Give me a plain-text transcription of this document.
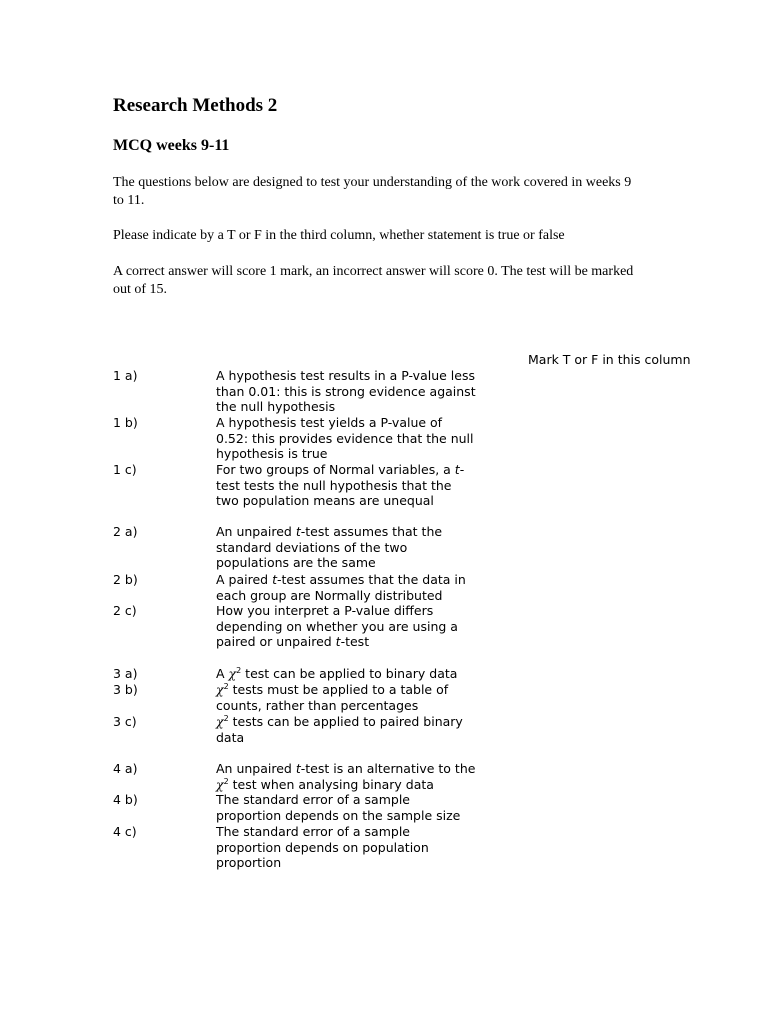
Research Methods 2
MCQ weeks 9-11
The questions below are designed to test your understanding of the work covered in weeks 9 to 11.
Please indicate by a T or F in the third column, whether statement is true or false
A correct answer will score 1 mark, an incorrect answer will score 0. The test will be marked out of 15.
Mark T or F in this column
1 a)	A hypothesis test results in a P-value less than 0.01: this is strong evidence against the null hypothesis
1 b)	A hypothesis test yields a P-value of 0.52: this provides evidence that the null hypothesis is true
1 c)	For two groups of Normal variables, a t-test tests the null hypothesis that the two population means are unequal
2 a)	An unpaired t-test assumes that the standard deviations of the two populations are the same
2 b)	A paired t-test assumes that the data in each group are Normally distributed
2 c)	How you interpret a P-value differs depending on whether you are using a paired or unpaired t-test
3 a)	A $\chi^2$ test can be applied to binary data
3 b)	$\chi^2$ tests must be applied to a table of counts, rather than percentages
3 c)	$\chi^2$ tests can be applied to paired binary data
4 a)	An unpaired t-test is an alternative to the $\chi^2$ test when analysing binary data
4 b)	The standard error of a sample proportion depends on the sample size
4 c)	The standard error of a sample proportion depends on population proportion
